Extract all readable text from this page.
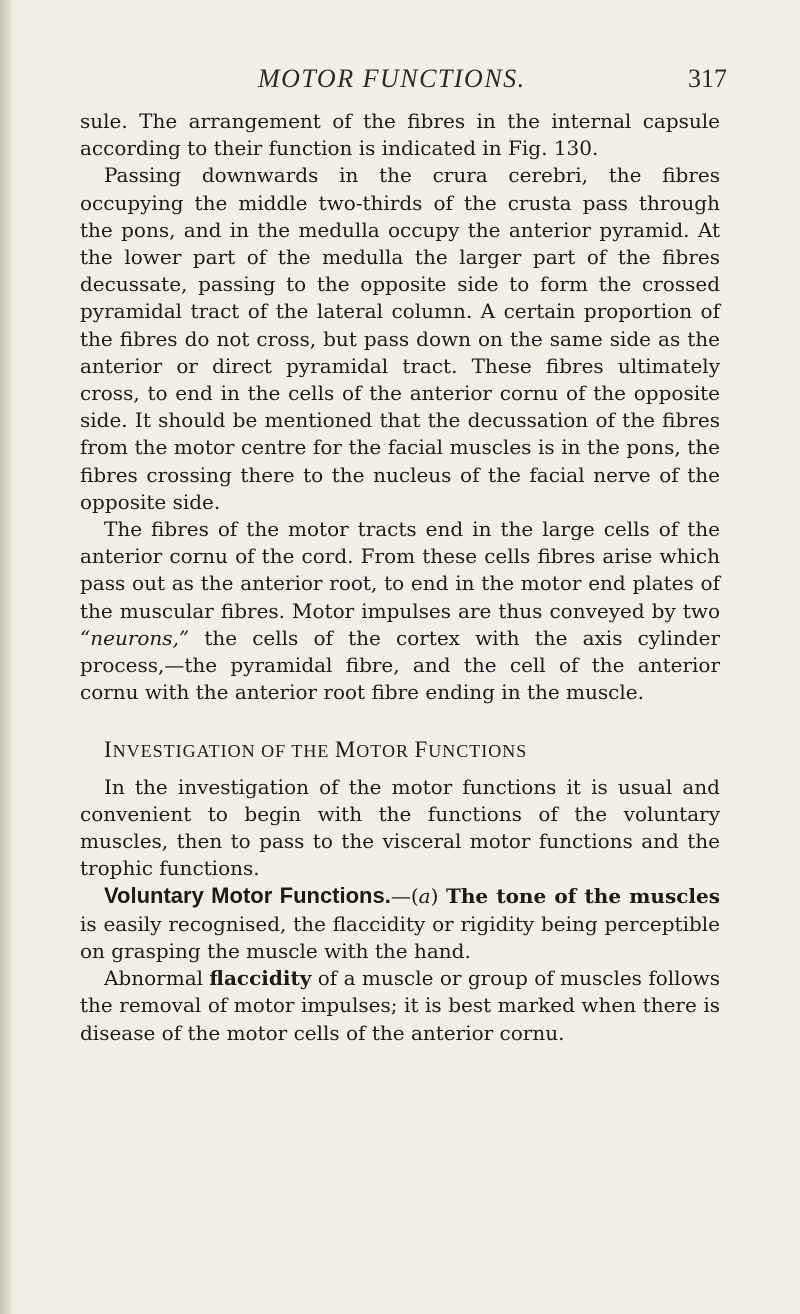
MOTOR FUNCTIONS.	317

sule. The arrangement of the fibres in the internal capsule according to their function is indicated in Fig. 130.

Passing downwards in the crura cerebri, the fibres occupying the middle two-thirds of the crusta pass through the pons, and in the medulla occupy the anterior pyramid. At the lower part of the medulla the larger part of the fibres decussate, passing to the opposite side to form the crossed pyramidal tract of the lateral column. A certain proportion of the fibres do not cross, but pass down on the same side as the anterior or direct pyramidal tract. These fibres ultimately cross, to end in the cells of the anterior cornu of the opposite side. It should be mentioned that the decussation of the fibres from the motor centre for the facial muscles is in the pons, the fibres crossing there to the nucleus of the facial nerve of the opposite side.

The fibres of the motor tracts end in the large cells of the anterior cornu of the cord. From these cells fibres arise which pass out as the anterior root, to end in the motor end plates of the muscular fibres. Motor impulses are thus conveyed by two “neurons,” the cells of the cortex with the axis cylinder process,—the pyramidal fibre, and the cell of the anterior cornu with the anterior root fibre ending in the muscle.

INVESTIGATION OF THE MOTOR FUNCTIONS

In the investigation of the motor functions it is usual and convenient to begin with the functions of the voluntary muscles, then to pass to the visceral motor functions and the trophic functions.

Voluntary Motor Functions.—(a) The tone of the muscles is easily recognised, the flaccidity or rigidity being perceptible on grasping the muscle with the hand.

Abnormal flaccidity of a muscle or group of muscles follows the removal of motor impulses; it is best marked when there is disease of the motor cells of the anterior cornu.
